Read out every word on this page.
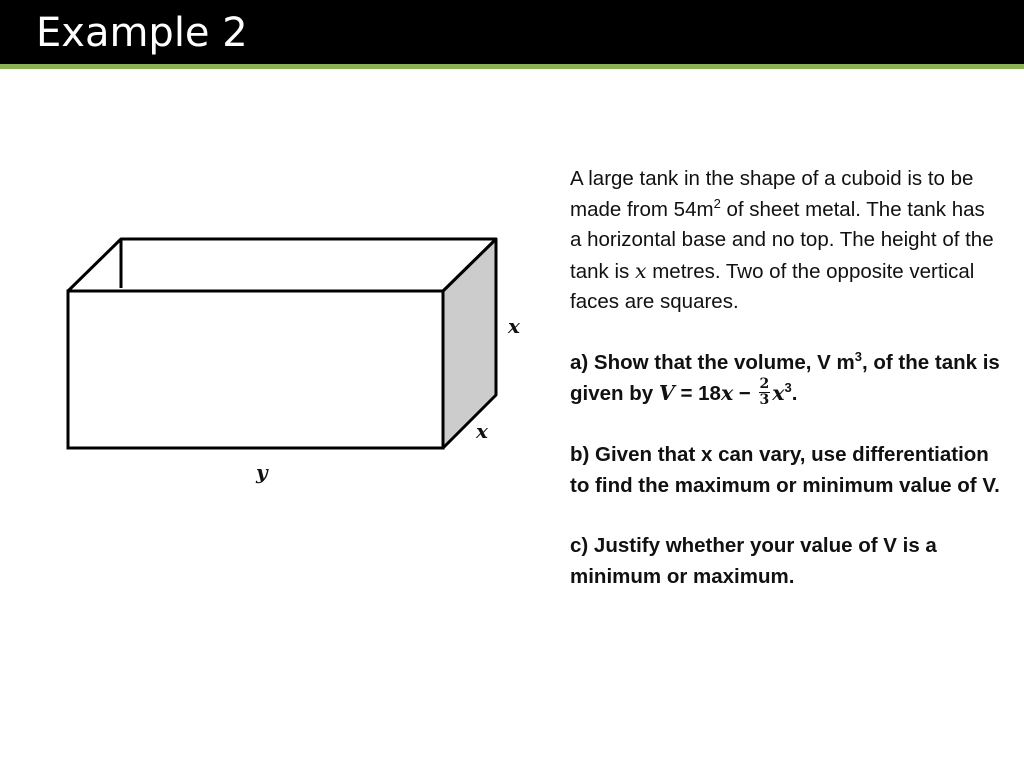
Example 2
x
x
y

A large tank in the shape of a cuboid is to be made from $54m^2$ of sheet metal. The tank has a horizontal base and no top. The height of the tank is x metres. Two of the opposite vertical faces are squares.

a) Show that the volume, V $m^3$, of the tank is given by $V = 18x - \frac{2}{3} x^3$.

b) Given that x can vary, use differentiation to find the maximum or minimum value of V.

c) Justify whether your value of V is a minimum or maximum.
